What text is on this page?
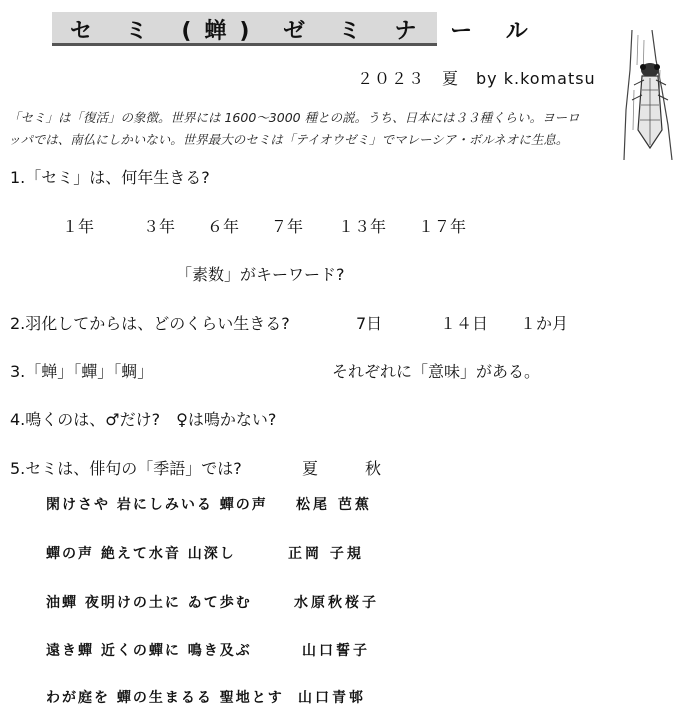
セ ミ (蝉) ゼ ミ ナ ー ル
２０２３　夏　by k.komatsu
「セミ」は「復活」の象徴。世界には 1600～3000 種との説。うち、日本には３３種くらい。ヨーロ
ッパでは、南仏にしかいない。世界最大のセミは「テイオウゼミ」でマレーシア・ボルネオに生息。
1.「セミ」は、何年生きる?
１年	３年 ６年 ７年 １３年 １７年
「素数」がキーワード?
2.羽化してからは、どのくらい生きる?	7日	１４日 １か月
3.「蝉」「蟬」「蜩」	それぞれに「意味」がある。
4.鳴くのは、♂だけ?　♀は鳴かない?
5.セミは、俳句の「季語」では?	夏	秋
閑けさや 岩にしみいる 蟬の声 松尾 芭蕉
蟬の声 絶えて水音 山深し	正岡 子規
油蟬 夜明けの土に ゐて歩む	水原秋桜子
遠き蟬 近くの蟬に 鳴き及ぶ	山口誓子
わが庭を 蟬の生まるる 聖地とす 山口青邨
